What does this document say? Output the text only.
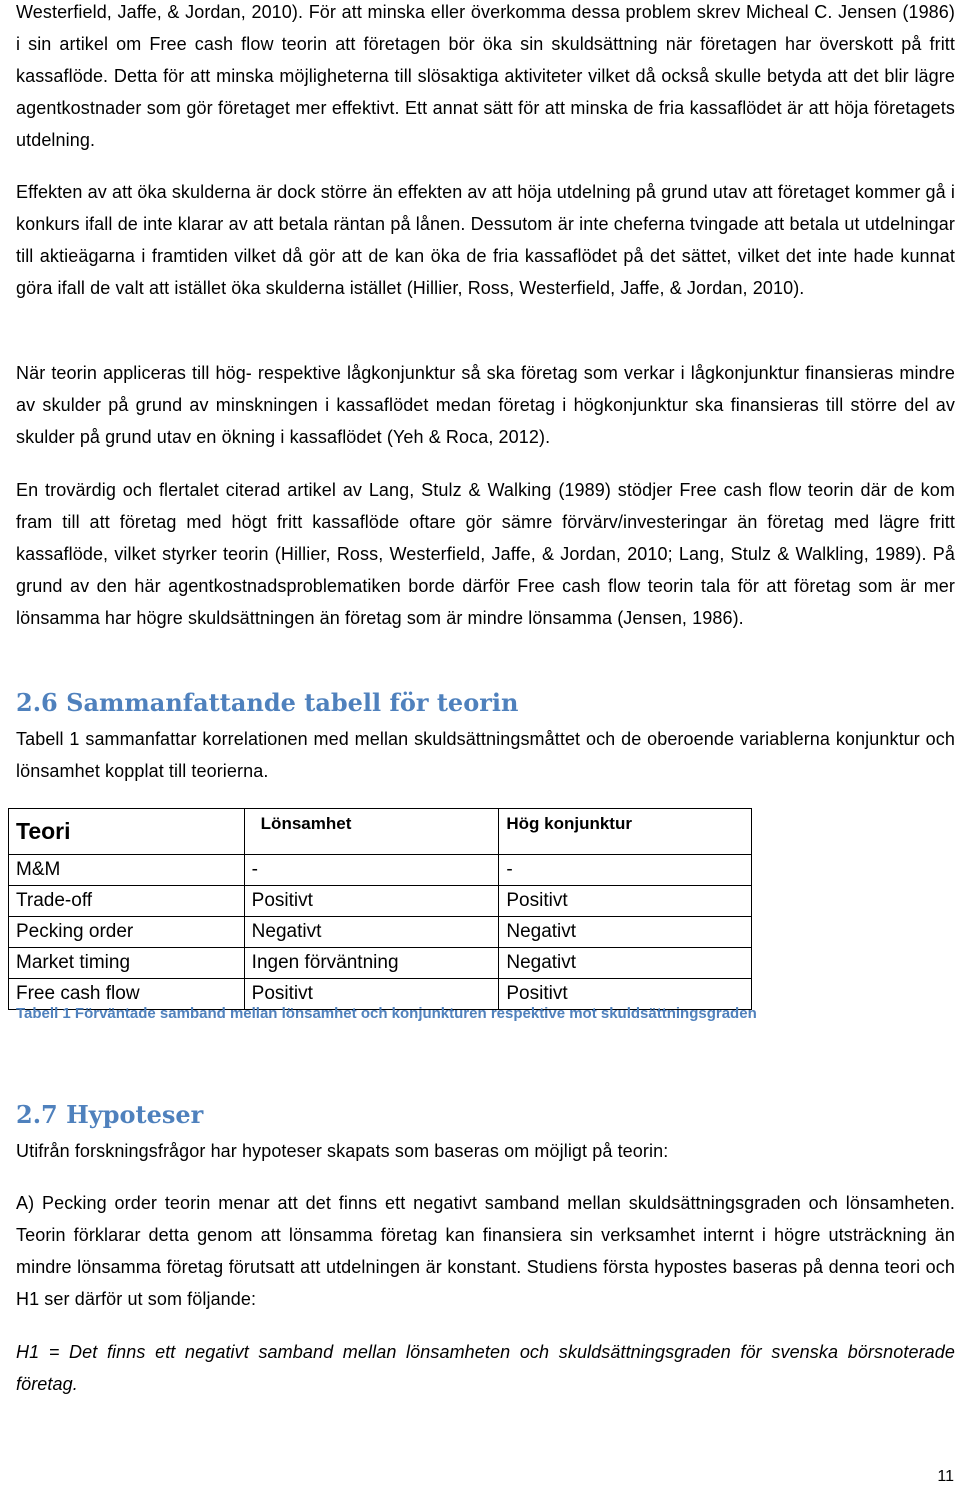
Westerfield, Jaffe, & Jordan, 2010). För att minska eller överkomma dessa problem skrev Micheal C. Jensen (1986) i sin artikel om Free cash flow teorin att företagen bör öka sin skuldsättning när företagen har överskott på fritt kassaflöde. Detta för att minska möjligheterna till slösaktiga aktiviteter vilket då också skulle betyda att det blir lägre agentkostnader som gör företaget mer effektivt. Ett annat sätt för att minska de fria kassaflödet är att höja företagets utdelning.

Effekten av att öka skulderna är dock större än effekten av att höja utdelning på grund utav att företaget kommer gå i konkurs ifall de inte klarar av att betala räntan på lånen. Dessutom är inte cheferna tvingade att betala ut utdelningar till aktieägarna i framtiden vilket då gör att de kan öka de fria kassaflödet på det sättet, vilket det inte hade kunnat göra ifall de valt att istället öka skulderna istället (Hillier, Ross, Westerfield, Jaffe, & Jordan, 2010).

När teorin appliceras till hög- respektive lågkonjunktur så ska företag som verkar i lågkonjunktur finansieras mindre av skulder på grund av minskningen i kassaflödet medan företag i högkonjunktur ska finansieras till större del av skulder på grund utav en ökning i kassaflödet (Yeh & Roca, 2012).

En trovärdig och flertalet citerad artikel av Lang, Stulz & Walking (1989) stödjer Free cash flow teorin där de kom fram till att företag med högt fritt kassaflöde oftare gör sämre förvärv/investeringar än företag med lägre fritt kassaflöde, vilket styrker teorin (Hillier, Ross, Westerfield, Jaffe, & Jordan, 2010; Lang, Stulz & Walkling, 1989). På grund av den här agentkostnadsproblematiken borde därför Free cash flow teorin tala för att företag som är mer lönsamma har högre skuldsättningen än företag som är mindre lönsamma (Jensen, 1986).

2.6 Sammanfattande tabell för teorin

Tabell 1 sammanfattar korrelationen med mellan skuldsättningsmåttet och de oberoende variablerna konjunktur och lönsamhet kopplat till teorierna.

Teori	Lönsamhet	Hög konjunktur
M&M	-	-
Trade-off	Positivt	Positivt
Pecking order	Negativt	Negativt
Market timing	Ingen förväntning	Negativt
Free cash flow	Positivt	Positivt

Tabell 1 Förväntade samband mellan lönsamhet och konjunkturen respektive mot skuldsättningsgraden

2.7 Hypoteser

Utifrån forskningsfrågor har hypoteser skapats som baseras om möjligt på teorin:

A) Pecking order teorin menar att det finns ett negativt samband mellan skuldsättningsgraden och lönsamheten. Teorin förklarar detta genom att lönsamma företag kan finansiera sin verksamhet internt i högre utsträckning än mindre lönsamma företag förutsatt att utdelningen är konstant. Studiens första hypostes baseras på denna teori och H1 ser därför ut som följande:

H1 = Det finns ett negativt samband mellan lönsamheten och skuldsättningsgraden för svenska börsnoterade företag.

11
